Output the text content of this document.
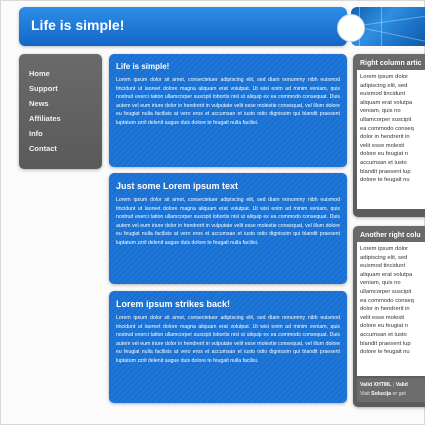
Life is simple!
Home
Support
News
Affiliates
Info
Contact
Life is simple!

Lorem ipsum dolor sit amet, consectetuer adipiscing elit, sed diam nonummy nibh euismod tincidunt ut laoreet dolore magna aliquam erat volutpat. Ut wisi enim ad minim veniam, quis nostrud exerci tation ullamcorper suscipit lobortis nisl ut aliquip ex ea commodo consequat. Duis autem vel eum iriure dolor in hendrerit in vulputate velit esse molestie consequat, vel illum dolore eu feugiat nulla facilisis at vero eros et accumsan et iusto odio dignissim qui blandit praesent luptatum zzril delenit augue duis dolore te feugait nulla facilisi.

Just some Lorem ipsum text

Lorem ipsum dolor sit amet, consectetuer adipiscing elit, sed diam nonummy nibh euismod tincidunt ut laoreet dolore magna aliquam erat volutpat. Ut wisi enim ad minim veniam, quis nostrud exerci tation ullamcorper suscipit lobortis nisl ut aliquip ex ea commodo consequat. Duis autem vel eum iriure dolor in hendrerit in vulputate velit esse molestie consequat, vel illum dolore eu feugiat nulla facilisis at vero eros et accumsan et iusto odio dignissim qui blandit praesent luptatum zzril delenit augue duis dolore te feugait nulla facilisi.

Lorem ipsum strikes back!

Lorem ipsum dolor sit amet, consectetuer adipiscing elit, sed diam nonummy nibh euismod tincidunt ut laoreet dolore magna aliquam erat volutpat. Ut wisi enim ad minim veniam, quis nostrud exerci tation ullamcorper suscipit lobortis nisl ut aliquip ex ea commodo consequat. Duis autem vel eum iriure dolor in hendrerit in vulputate velit esse molestie consequat, vel illum dolore eu feugiat nulla facilisis at vero eros et accumsan et iusto odio dignissim qui blandit praesent luptatum zzril delenit augue duis dolore te feugait nulla facilisi.

Right column artic
Lorem ipsum dolor
adipiscing elit, sed
euismod tincidunt
aliquam erat volutpa
veniam, quis no
ullamcorper suscipit
ea commodo conseq
dolor in hendrerit in
velit esse molesti
dolore eu feugiat n
accumsan et iusto
blandit praesent lup
dolore te feugait nu
Another right colu
Lorem ipsum dolor
adipiscing elit, sed
euismod tincidunt
aliquam erat volutpa
veniam, quis no
ullamcorper suscipit
ea commodo conseq
dolor in hendrerit in
velit esse molesti
dolore eu feugiat n
accumsan et iusto
blandit praesent lup
dolore te feugait nu
Valid XHTML | Valid
Visit Solucija or get
